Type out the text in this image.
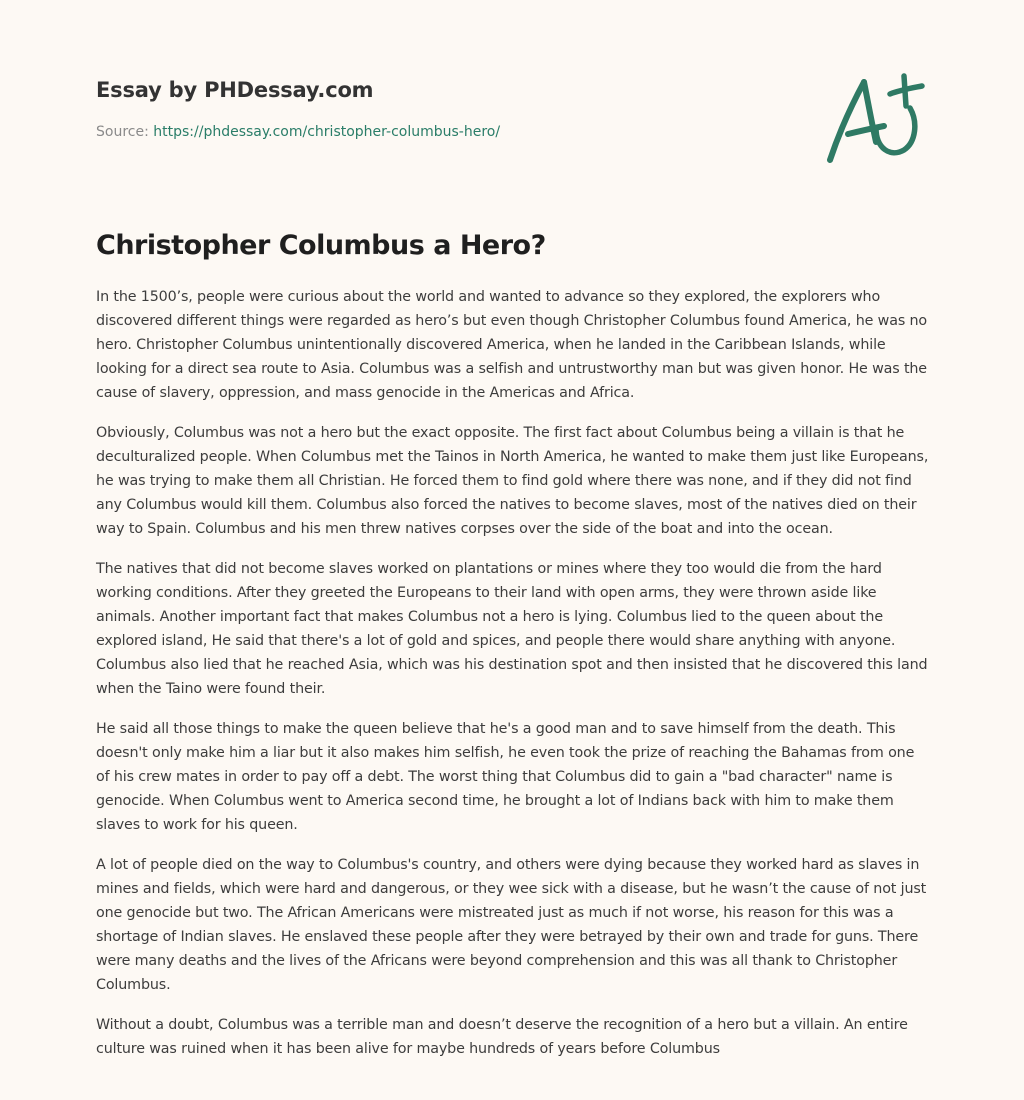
Essay by PHDessay.com
Source: https://phdessay.com/christopher-columbus-hero/
Christopher Columbus a Hero?

In the 1500’s, people were curious about the world and wanted to advance so they explored, the explorers who discovered different things were regarded as hero’s but even though Christopher Columbus found America, he was no hero. Christopher Columbus unintentionally discovered America, when he landed in the Caribbean Islands, while looking for a direct sea route to Asia. Columbus was a selfish and untrustworthy man but was given honor. He was the cause of slavery, oppression, and mass genocide in the Americas and Africa.

Obviously, Columbus was not a hero but the exact opposite. The first fact about Columbus being a villain is that he deculturalized people. When Columbus met the Tainos in North America, he wanted to make them just like Europeans, he was trying to make them all Christian. He forced them to find gold where there was none, and if they did not find any Columbus would kill them. Columbus also forced the natives to become slaves, most of the natives died on their way to Spain. Columbus and his men threw natives corpses over the side of the boat and into the ocean.

The natives that did not become slaves worked on plantations or mines where they too would die from the hard working conditions. After they greeted the Europeans to their land with open arms, they were thrown aside like animals. Another important fact that makes Columbus not a hero is lying. Columbus lied to the queen about the explored island, He said that there's a lot of gold and spices, and people there would share anything with anyone. Columbus also lied that he reached Asia, which was his destination spot and then insisted that he discovered this land when the Taino were found their.

He said all those things to make the queen believe that he's a good man and to save himself from the death. This doesn't only make him a liar but it also makes him selfish, he even took the prize of reaching the Bahamas from one of his crew mates in order to pay off a debt. The worst thing that Columbus did to gain a "bad character" name is genocide. When Columbus went to America second time, he brought a lot of Indians back with him to make them slaves to work for his queen.

A lot of people died on the way to Columbus's country, and others were dying because they worked hard as slaves in mines and fields, which were hard and dangerous, or they wee sick with a disease, but he wasn’t the cause of not just one genocide but two. The African Americans were mistreated just as much if not worse, his reason for this was a shortage of Indian slaves. He enslaved these people after they were betrayed by their own and trade for guns. There were many deaths and the lives of the Africans were beyond comprehension and this was all thank to Christopher Columbus.

Without a doubt, Columbus was a terrible man and doesn’t deserve the recognition of a hero but a villain. An entire culture was ruined when it has been alive for maybe hundreds of years before Columbus
